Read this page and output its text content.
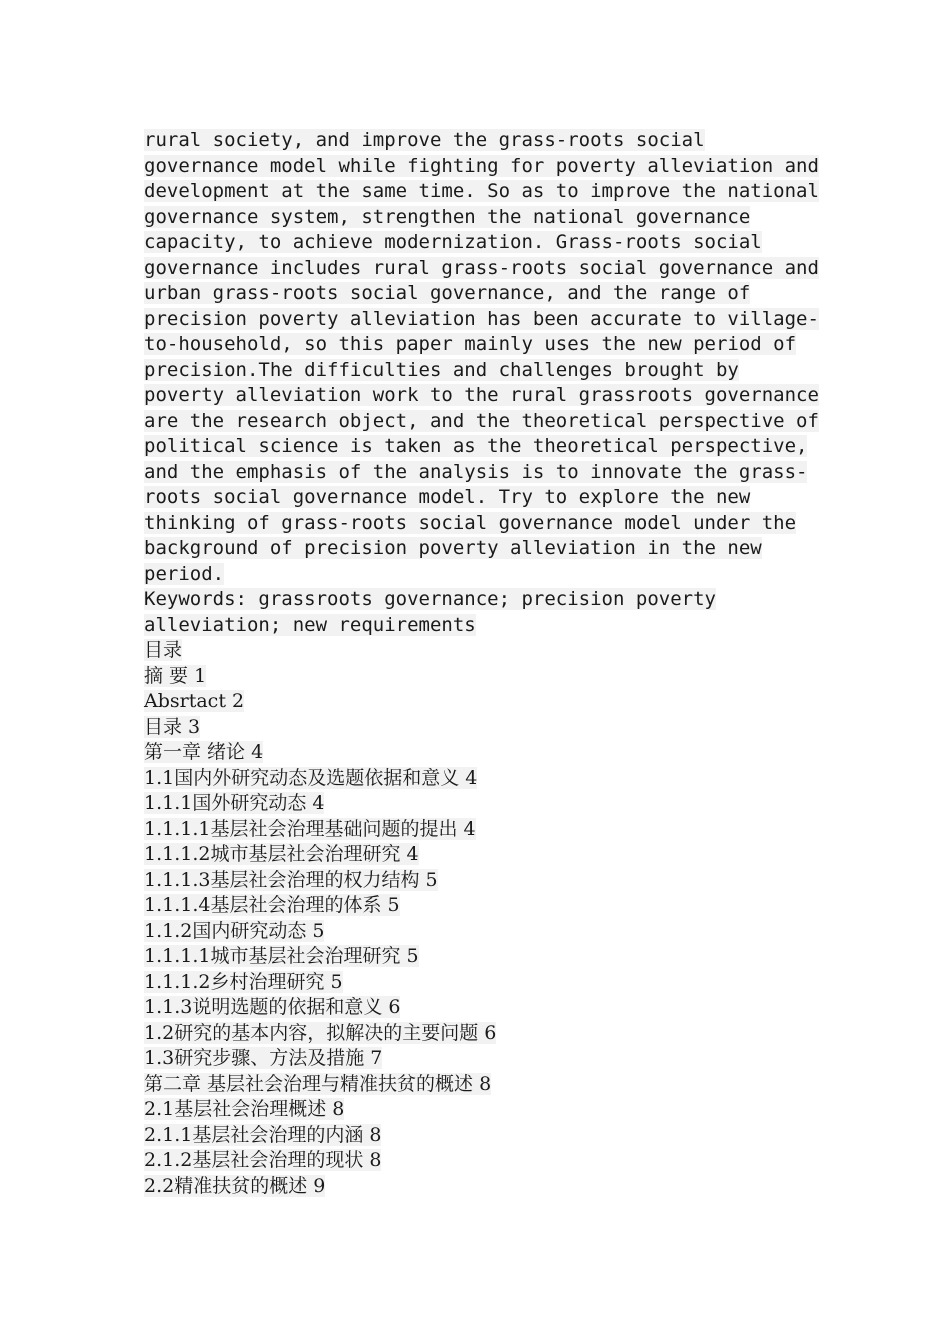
rural society, and improve the grass-roots social
governance model while fighting for poverty alleviation and
development at the same time. So as to improve the national
governance system, strengthen the national governance
capacity, to achieve modernization. Grass-roots social
governance includes rural grass-roots social governance and
urban grass-roots social governance, and the range of
precision poverty alleviation has been accurate to village-
to-household, so this paper mainly uses the new period of
precision.The difficulties and challenges brought by
poverty alleviation work to the rural grassroots governance
are the research object, and the theoretical perspective of
political science is taken as the theoretical perspective,
and the emphasis of the analysis is to innovate the grass-
roots social governance model. Try to explore the new
thinking of grass-roots social governance model under the
background of precision poverty alleviation in the new
period.
Keywords: grassroots governance; precision poverty
alleviation; new requirements
目录
摘 要 1
Absrtact 2
目录 3
第一章 绪论 4
1.1国内外研究动态及选题依据和意义 4
1.1.1国外研究动态 4
1.1.1.1基层社会治理基础问题的提出 4
1.1.1.2城市基层社会治理研究 4
1.1.1.3基层社会治理的权力结构 5
1.1.1.4基层社会治理的体系 5
1.1.2国内研究动态 5
1.1.1.1城市基层社会治理研究 5
1.1.1.2乡村治理研究 5
1.1.3说明选题的依据和意义 6
1.2研究的基本内容，拟解决的主要问题 6
1.3研究步骤、方法及措施 7
第二章 基层社会治理与精准扶贫的概述 8
2.1基层社会治理概述 8
2.1.1基层社会治理的内涵 8
2.1.2基层社会治理的现状 8
2.2精准扶贫的概述 9
